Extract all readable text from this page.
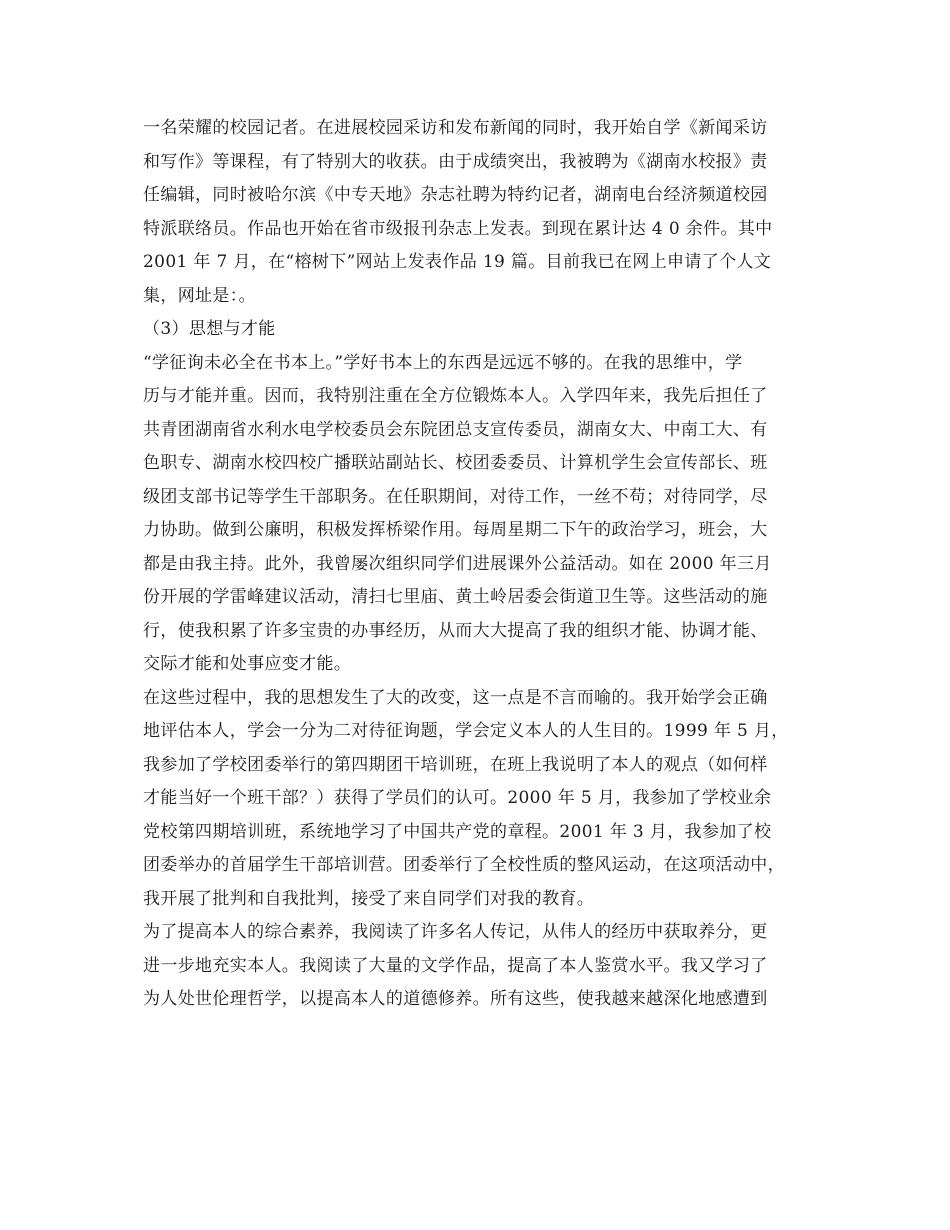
一名荣耀的校园记者。在进展校园采访和发布新闻的同时，我开始自学《新闻采访
和写作》等课程，有了特别大的收获。由于成绩突出，我被聘为《湖南水校报》责
任编辑，同时被哈尔滨《中专天地》杂志社聘为特约记者，湖南电台经济频道校园
特派联络员。作品也开始在省市级报刊杂志上发表。到现在累计达 4 0 余件。其中
2001 年 7 月，在“榕树下”网站上发表作品 19 篇。目前我已在网上申请了个人文
集，网址是：。
（3）思想与才能
“学征询未必全在书本上。”学好书本上的东西是远远不够的。在我的思维中，学
历与才能并重。因而，我特别注重在全方位锻炼本人。入学四年来，我先后担任了
共青团湖南省水利水电学校委员会东院团总支宣传委员，湖南女大、中南工大、有
色职专、湖南水校四校广播联站副站长、校团委委员、计算机学生会宣传部长、班
级团支部书记等学生干部职务。在任职期间，对待工作，一丝不苟；对待同学，尽
力协助。做到公廉明，积极发挥桥梁作用。每周星期二下午的政治学习，班会，大
都是由我主持。此外，我曾屡次组织同学们进展课外公益活动。如在 2000 年三月
份开展的学雷峰建议活动，清扫七里庙、黄土岭居委会街道卫生等。这些活动的施
行，使我积累了许多宝贵的办事经历，从而大大提高了我的组织才能、协调才能、
交际才能和处事应变才能。
在这些过程中，我的思想发生了大的改变，这一点是不言而喻的。我开始学会正确
地评估本人，学会一分为二对待征询题，学会定义本人的人生目的。1999 年 5 月，
我参加了学校团委举行的第四期团干培训班，在班上我说明了本人的观点（如何样
才能当好一个班干部？）获得了学员们的认可。2000 年 5 月，我参加了学校业余
党校第四期培训班，系统地学习了中国共产党的章程。2001 年 3 月，我参加了校
团委举办的首届学生干部培训营。团委举行了全校性质的整风运动，在这项活动中，
我开展了批判和自我批判，接受了来自同学们对我的教育。
为了提高本人的综合素养，我阅读了许多名人传记，从伟人的经历中获取养分，更
进一步地充实本人。我阅读了大量的文学作品，提高了本人鉴赏水平。我又学习了
为人处世伦理哲学，以提高本人的道德修养。所有这些，使我越来越深化地感遭到
